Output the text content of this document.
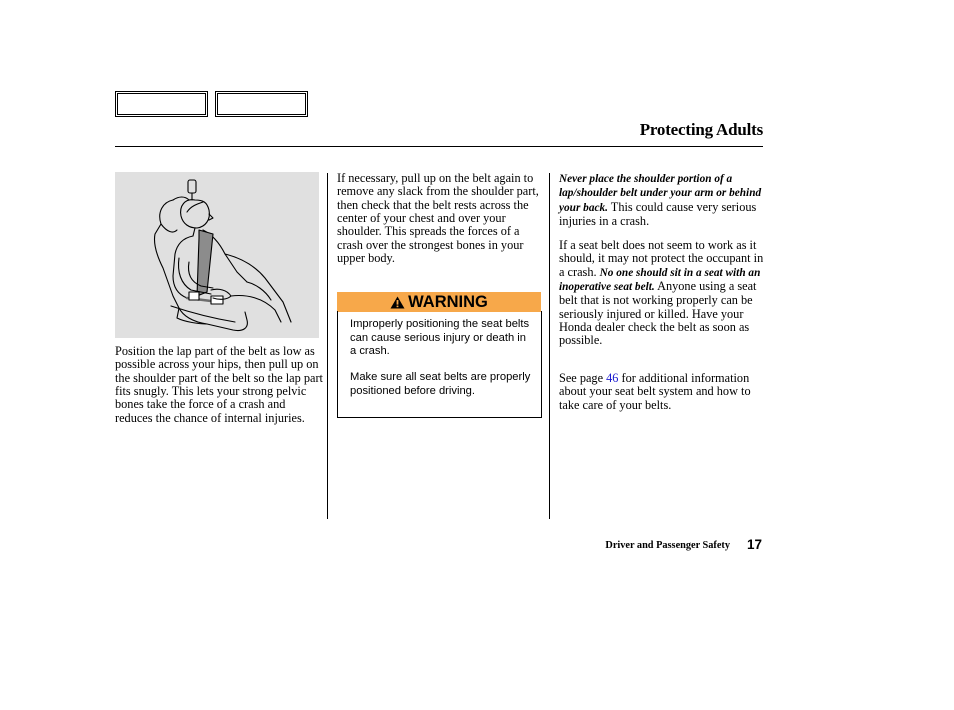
Protecting Adults

Position the lap part of the belt as low as possible across your hips, then pull up on the shoulder part of the belt so the lap part fits snugly. This lets your strong pelvic bones take the force of a crash and reduces the chance of internal injuries.

If necessary, pull up on the belt again to remove any slack from the shoulder part, then check that the belt rests across the center of your chest and over your shoulder. This spreads the forces of a crash over the strongest bones in your upper body.

WARNING

Improperly positioning the seat belts can cause serious injury or death in a crash.

Make sure all seat belts are properly positioned before driving.

Never place the shoulder portion of a lap/shoulder belt under your arm or behind your back. This could cause very serious injuries in a crash.

If a seat belt does not seem to work as it should, it may not protect the occupant in a crash. No one should sit in a seat with an inoperative seat belt. Anyone using a seat belt that is not working properly can be seriously injured or killed. Have your Honda dealer check the belt as soon as possible.

See page 46 for additional information about your seat belt system and how to take care of your belts.

Driver and Passenger Safety 17
